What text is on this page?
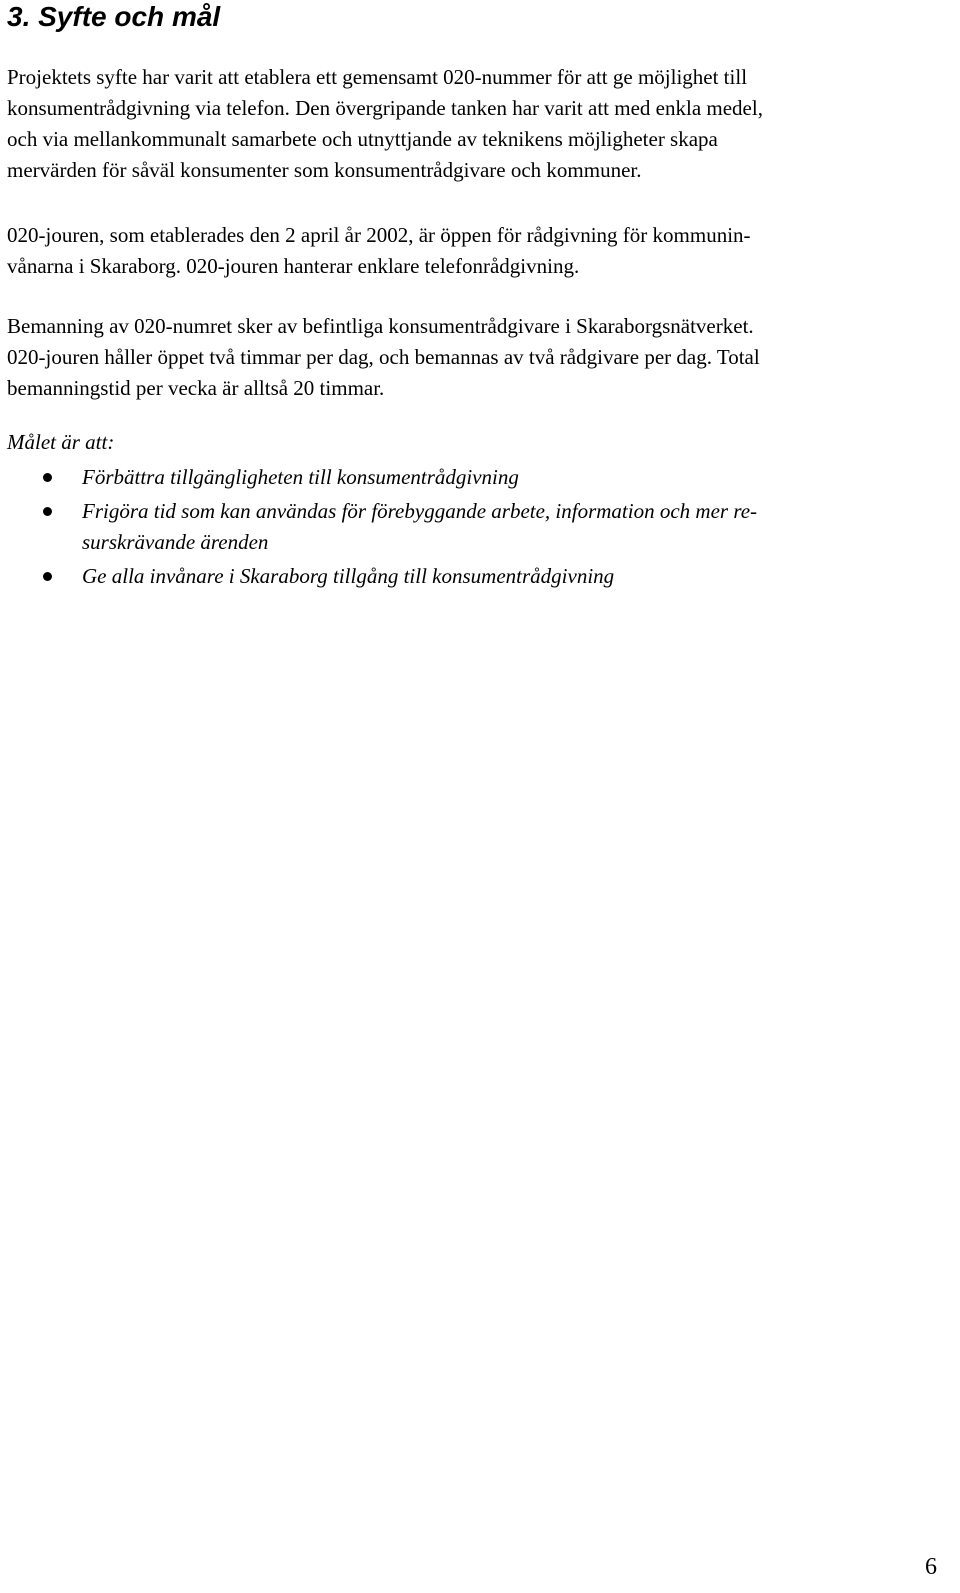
3. Syfte och mål

Projektets syfte har varit att etablera ett gemensamt 020-nummer för att ge möjlighet till
konsumentrådgivning via telefon. Den övergripande tanken har varit att med enkla medel,
och via mellankommunalt samarbete och utnyttjande av teknikens möjligheter skapa
mervärden för såväl konsumenter som konsumentrådgivare och kommuner.

020-jouren, som etablerades den 2 april år 2002, är öppen för rådgivning för kommunin-
vånarna i Skaraborg. 020-jouren hanterar enklare telefonrådgivning.

Bemanning av 020-numret sker av befintliga konsumentrådgivare i Skaraborgsnätverket.
020-jouren håller öppet två timmar per dag, och bemannas av två rådgivare per dag. Total
bemanningstid per vecka är alltså 20 timmar.

Målet är att:

Förbättra tillgängligheten till konsumentrådgivning
Frigöra tid som kan användas för förebyggande arbete, information och mer re-
surskrävande ärenden
Ge alla invånare i Skaraborg tillgång till konsumentrådgivning

6
